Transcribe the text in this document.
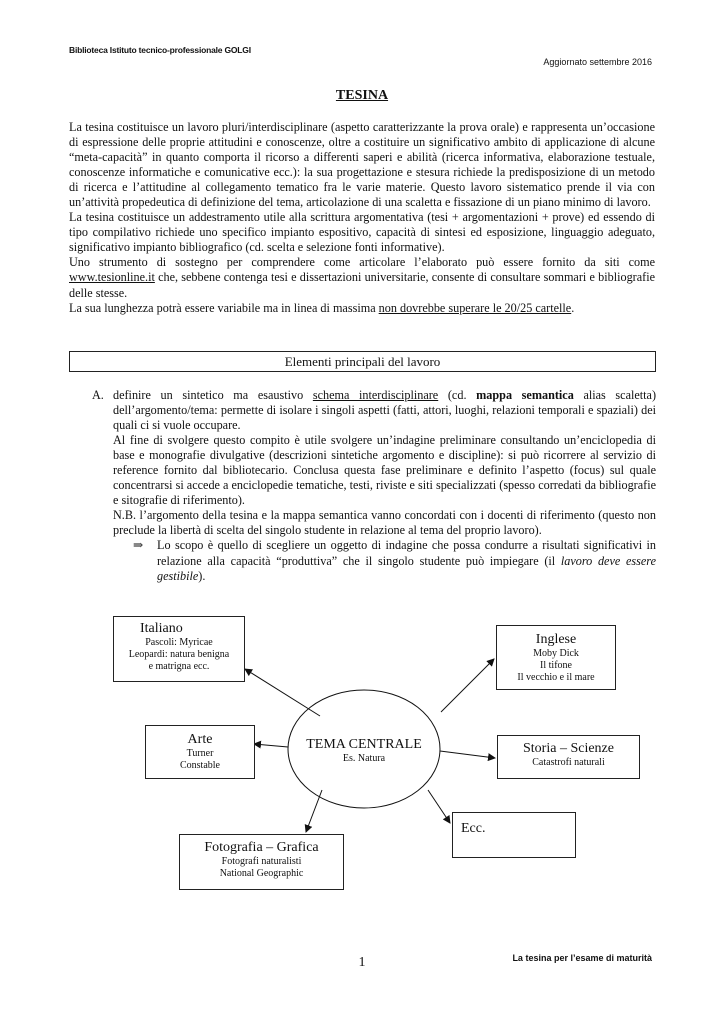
Biblioteca Istituto tecnico-professionale GOLGI
Aggiornato settembre 2016
TESINA

La tesina costituisce un lavoro pluri/interdisciplinare (aspetto caratterizzante la prova orale) e rappresenta un’occasione di espressione delle proprie attitudini e conoscenze, oltre a costituire un significativo ambito di applicazione di alcune “meta-capacità” in quanto comporta il ricorso a differenti saperi e abilità (ricerca informativa, elaborazione testuale, conoscenze informatiche e comunicative ecc.): la sua progettazione e stesura richiede la predisposizione di un metodo di ricerca e l’attitudine al collegamento tematico fra le varie materie. Questo lavoro sistematico prende il via con un’attività propedeutica di definizione del tema, articolazione di una scaletta e fissazione di un piano minimo di lavoro.

La tesina costituisce un addestramento utile alla scrittura argomentativa (tesi + argomentazioni + prove) ed essendo di tipo compilativo richiede uno specifico impianto espositivo, capacità di sintesi ed esposizione, linguaggio adeguato, significativo impianto bibliografico (cd. scelta e selezione fonti informative).

Uno strumento di sostegno per comprendere come articolare l’elaborato può essere fornito da siti come www.tesionline.it che, sebbene contenga tesi e dissertazioni universitarie, consente di consultare sommari e bibliografie delle stesse.

La sua lunghezza potrà essere variabile ma in linea di massima non dovrebbe superare le 20/25 cartelle.

Elementi principali del lavoro
A. definire un sintetico ma esaustivo schema interdisciplinare (cd. mappa semantica alias scaletta) dell’argomento/tema: permette di isolare i singoli aspetti (fatti, attori, luoghi, relazioni temporali e spaziali) dei quali ci si vuole occupare.

Al fine di svolgere questo compito è utile svolgere un’indagine preliminare consultando un’enciclopedia di base e monografie divulgative (descrizioni sintetiche argomento e discipline): si può ricorrere al servizio di reference fornito dal bibliotecario. Conclusa questa fase preliminare e definito l’aspetto (focus) sul quale concentrarsi si accede a enciclopedie tematiche, testi, riviste e siti specializzati (spesso corredati da bibliografie e sitografie di riferimento).

N.B. l’argomento della tesina e la mappa semantica vanno concordati con i docenti di riferimento (questo non preclude la libertà di scelta del singolo studente in relazione al tema del proprio lavoro).

⇒	Lo scopo è quello di scegliere un oggetto di indagine che possa condurre a risultati significativi in relazione alla capacità “produttiva” che il singolo studente può impiegare (il lavoro deve essere gestibile).

TEMA CENTRALE
Es. Natura
Italiano
Pascoli: Myricae
Leopardi: natura benigna
e matrigna ecc.
Inglese
Moby Dick
Il tifone
Il vecchio e il mare
Arte
Turner
Constable
Storia – Scienze
Catastrofi naturali
Ecc.
Fotografia – Grafica
Fotografi naturalisti
National Geographic
1	La tesina per l’esame di maturità
